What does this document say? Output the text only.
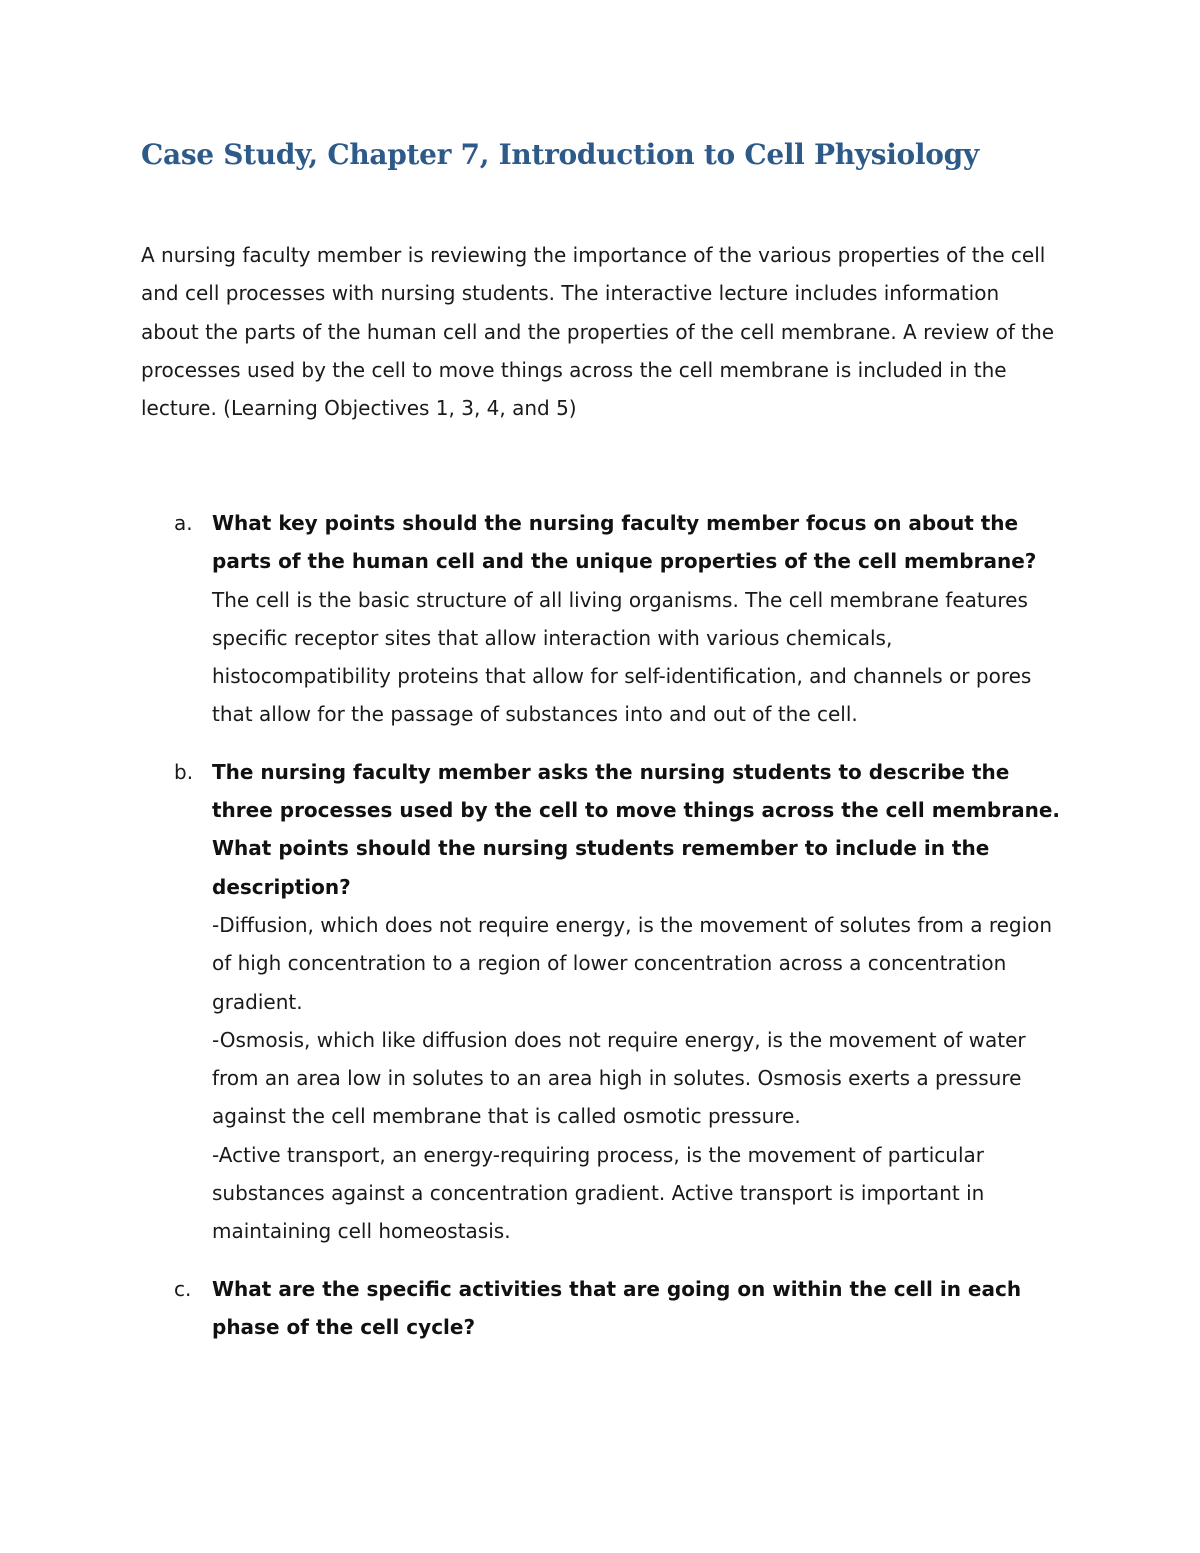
Case Study, Chapter 7, Introduction to Cell Physiology

A nursing faculty member is reviewing the importance of the various properties of the cell and cell processes with nursing students. The interactive lecture includes information about the parts of the human cell and the properties of the cell membrane. A review of the processes used by the cell to move things across the cell membrane is included in the lecture. (Learning Objectives 1, 3, 4, and 5)

a. What key points should the nursing faculty member focus on about the parts of the human cell and the unique properties of the cell membrane?
The cell is the basic structure of all living organisms. The cell membrane features specific receptor sites that allow interaction with various chemicals, histocompatibility proteins that allow for self-identification, and channels or pores that allow for the passage of substances into and out of the cell.
b. The nursing faculty member asks the nursing students to describe the three processes used by the cell to move things across the cell membrane. What points should the nursing students remember to include in the description?
-Diffusion, which does not require energy, is the movement of solutes from a region of high concentration to a region of lower concentration across a concentration gradient.
-Osmosis, which like diffusion does not require energy, is the movement of water from an area low in solutes to an area high in solutes. Osmosis exerts a pressure against the cell membrane that is called osmotic pressure.
-Active transport, an energy-requiring process, is the movement of particular substances against a concentration gradient. Active transport is important in maintaining cell homeostasis.
c. What are the specific activities that are going on within the cell in each phase of the cell cycle?
